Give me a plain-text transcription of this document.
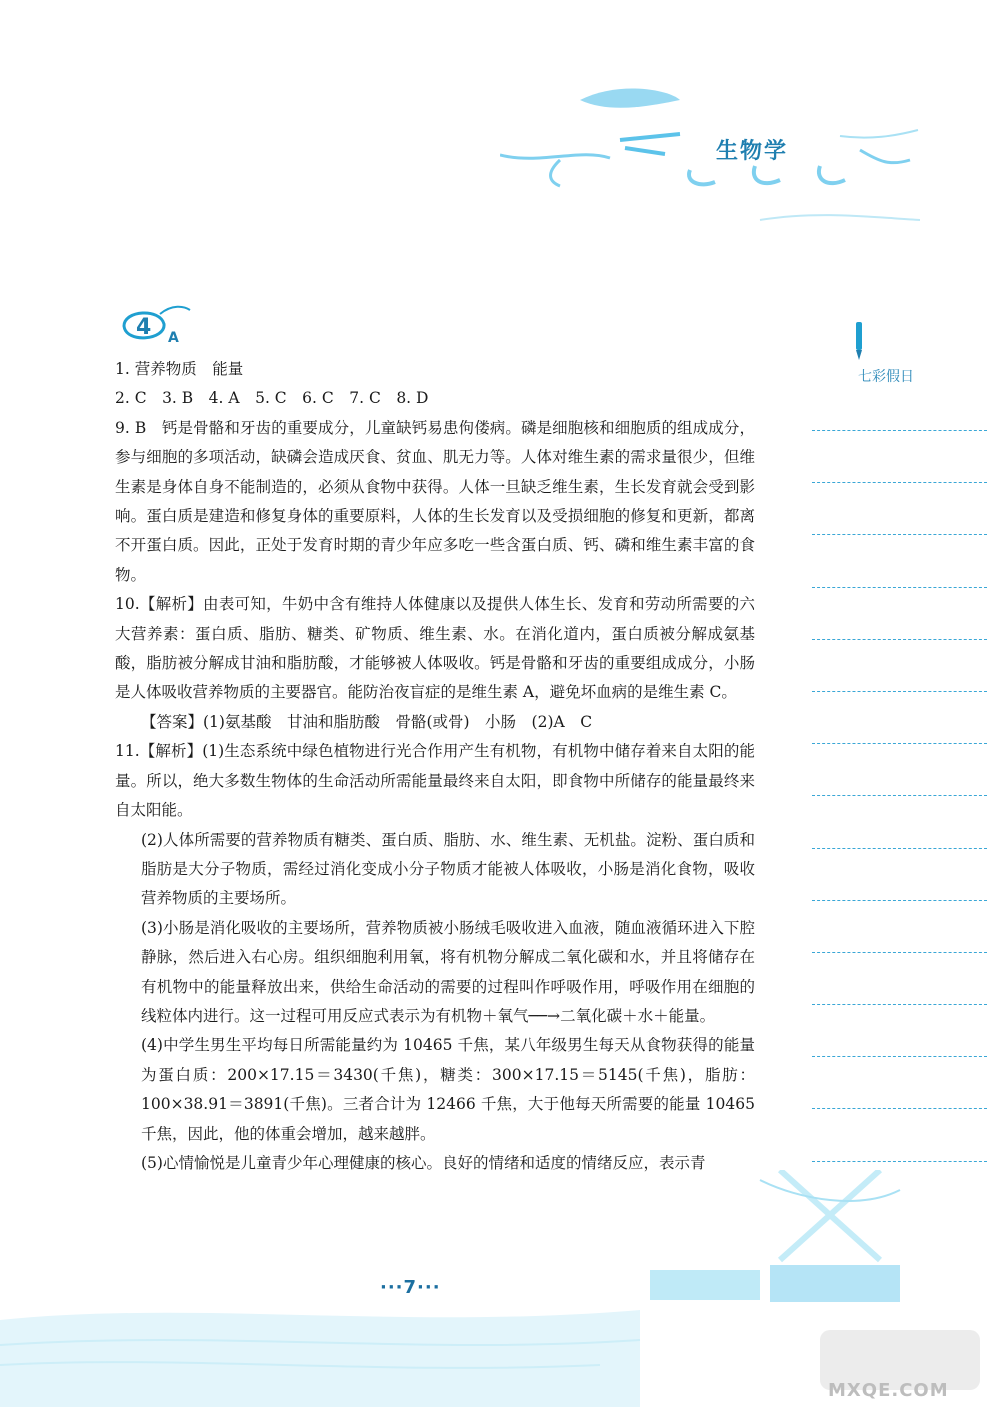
生物学
4 A
七彩假日

1. 营养物质　能量

2. C　3. B　4. A　5. C　6. C　7. C　8. D

9. B　钙是骨骼和牙齿的重要成分，儿童缺钙易患佝偻病。磷是细胞核和细胞质的组成成分，参与细胞的多项活动，缺磷会造成厌食、贫血、肌无力等。人体对维生素的需求量很少，但维生素是身体自身不能制造的，必须从食物中获得。人体一旦缺乏维生素，生长发育就会受到影响。蛋白质是建造和修复身体的重要原料，人体的生长发育以及受损细胞的修复和更新，都离不开蛋白质。因此，正处于发育时期的青少年应多吃一些含蛋白质、钙、磷和维生素丰富的食物。

10.【解析】由表可知，牛奶中含有维持人体健康以及提供人体生长、发育和劳动所需要的六大营养素：蛋白质、脂肪、糖类、矿物质、维生素、水。在消化道内，蛋白质被分解成氨基酸，脂肪被分解成甘油和脂肪酸，才能够被人体吸收。钙是骨骼和牙齿的重要组成成分，小肠是人体吸收营养物质的主要器官。能防治夜盲症的是维生素 A，避免坏血病的是维生素 C。

【答案】(1)氨基酸　甘油和脂肪酸　骨骼(或骨)　小肠　(2)A　C

11.【解析】(1)生态系统中绿色植物进行光合作用产生有机物，有机物中储存着来自太阳的能量。所以，绝大多数生物体的生命活动所需能量最终来自太阳，即食物中所储存的能量最终来自太阳能。

(2)人体所需要的营养物质有糖类、蛋白质、脂肪、水、维生素、无机盐。淀粉、蛋白质和脂肪是大分子物质，需经过消化变成小分子物质才能被人体吸收，小肠是消化食物，吸收营养物质的主要场所。

(3)小肠是消化吸收的主要场所，营养物质被小肠绒毛吸收进入血液，随血液循环进入下腔静脉，然后进入右心房。组织细胞利用氧，将有机物分解成二氧化碳和水，并且将储存在有机物中的能量释放出来，供给生命活动的需要的过程叫作呼吸作用，呼吸作用在细胞的线粒体内进行。这一过程可用反应式表示为有机物＋氧气──→二氧化碳＋水＋能量。

(4)中学生男生平均每日所需能量约为 10465 千焦，某八年级男生每天从食物获得的能量为蛋白质：200×17.15＝3430(千焦)，糖类：300×17.15＝5145(千焦)，脂肪：100×38.91＝3891(千焦)。三者合计为 12466 千焦，大于他每天所需要的能量 10465 千焦，因此，他的体重会增加，越来越胖。

(5)心情愉悦是儿童青少年心理健康的核心。良好的情绪和适度的情绪反应，表示青

···7···
MXQE.COM
